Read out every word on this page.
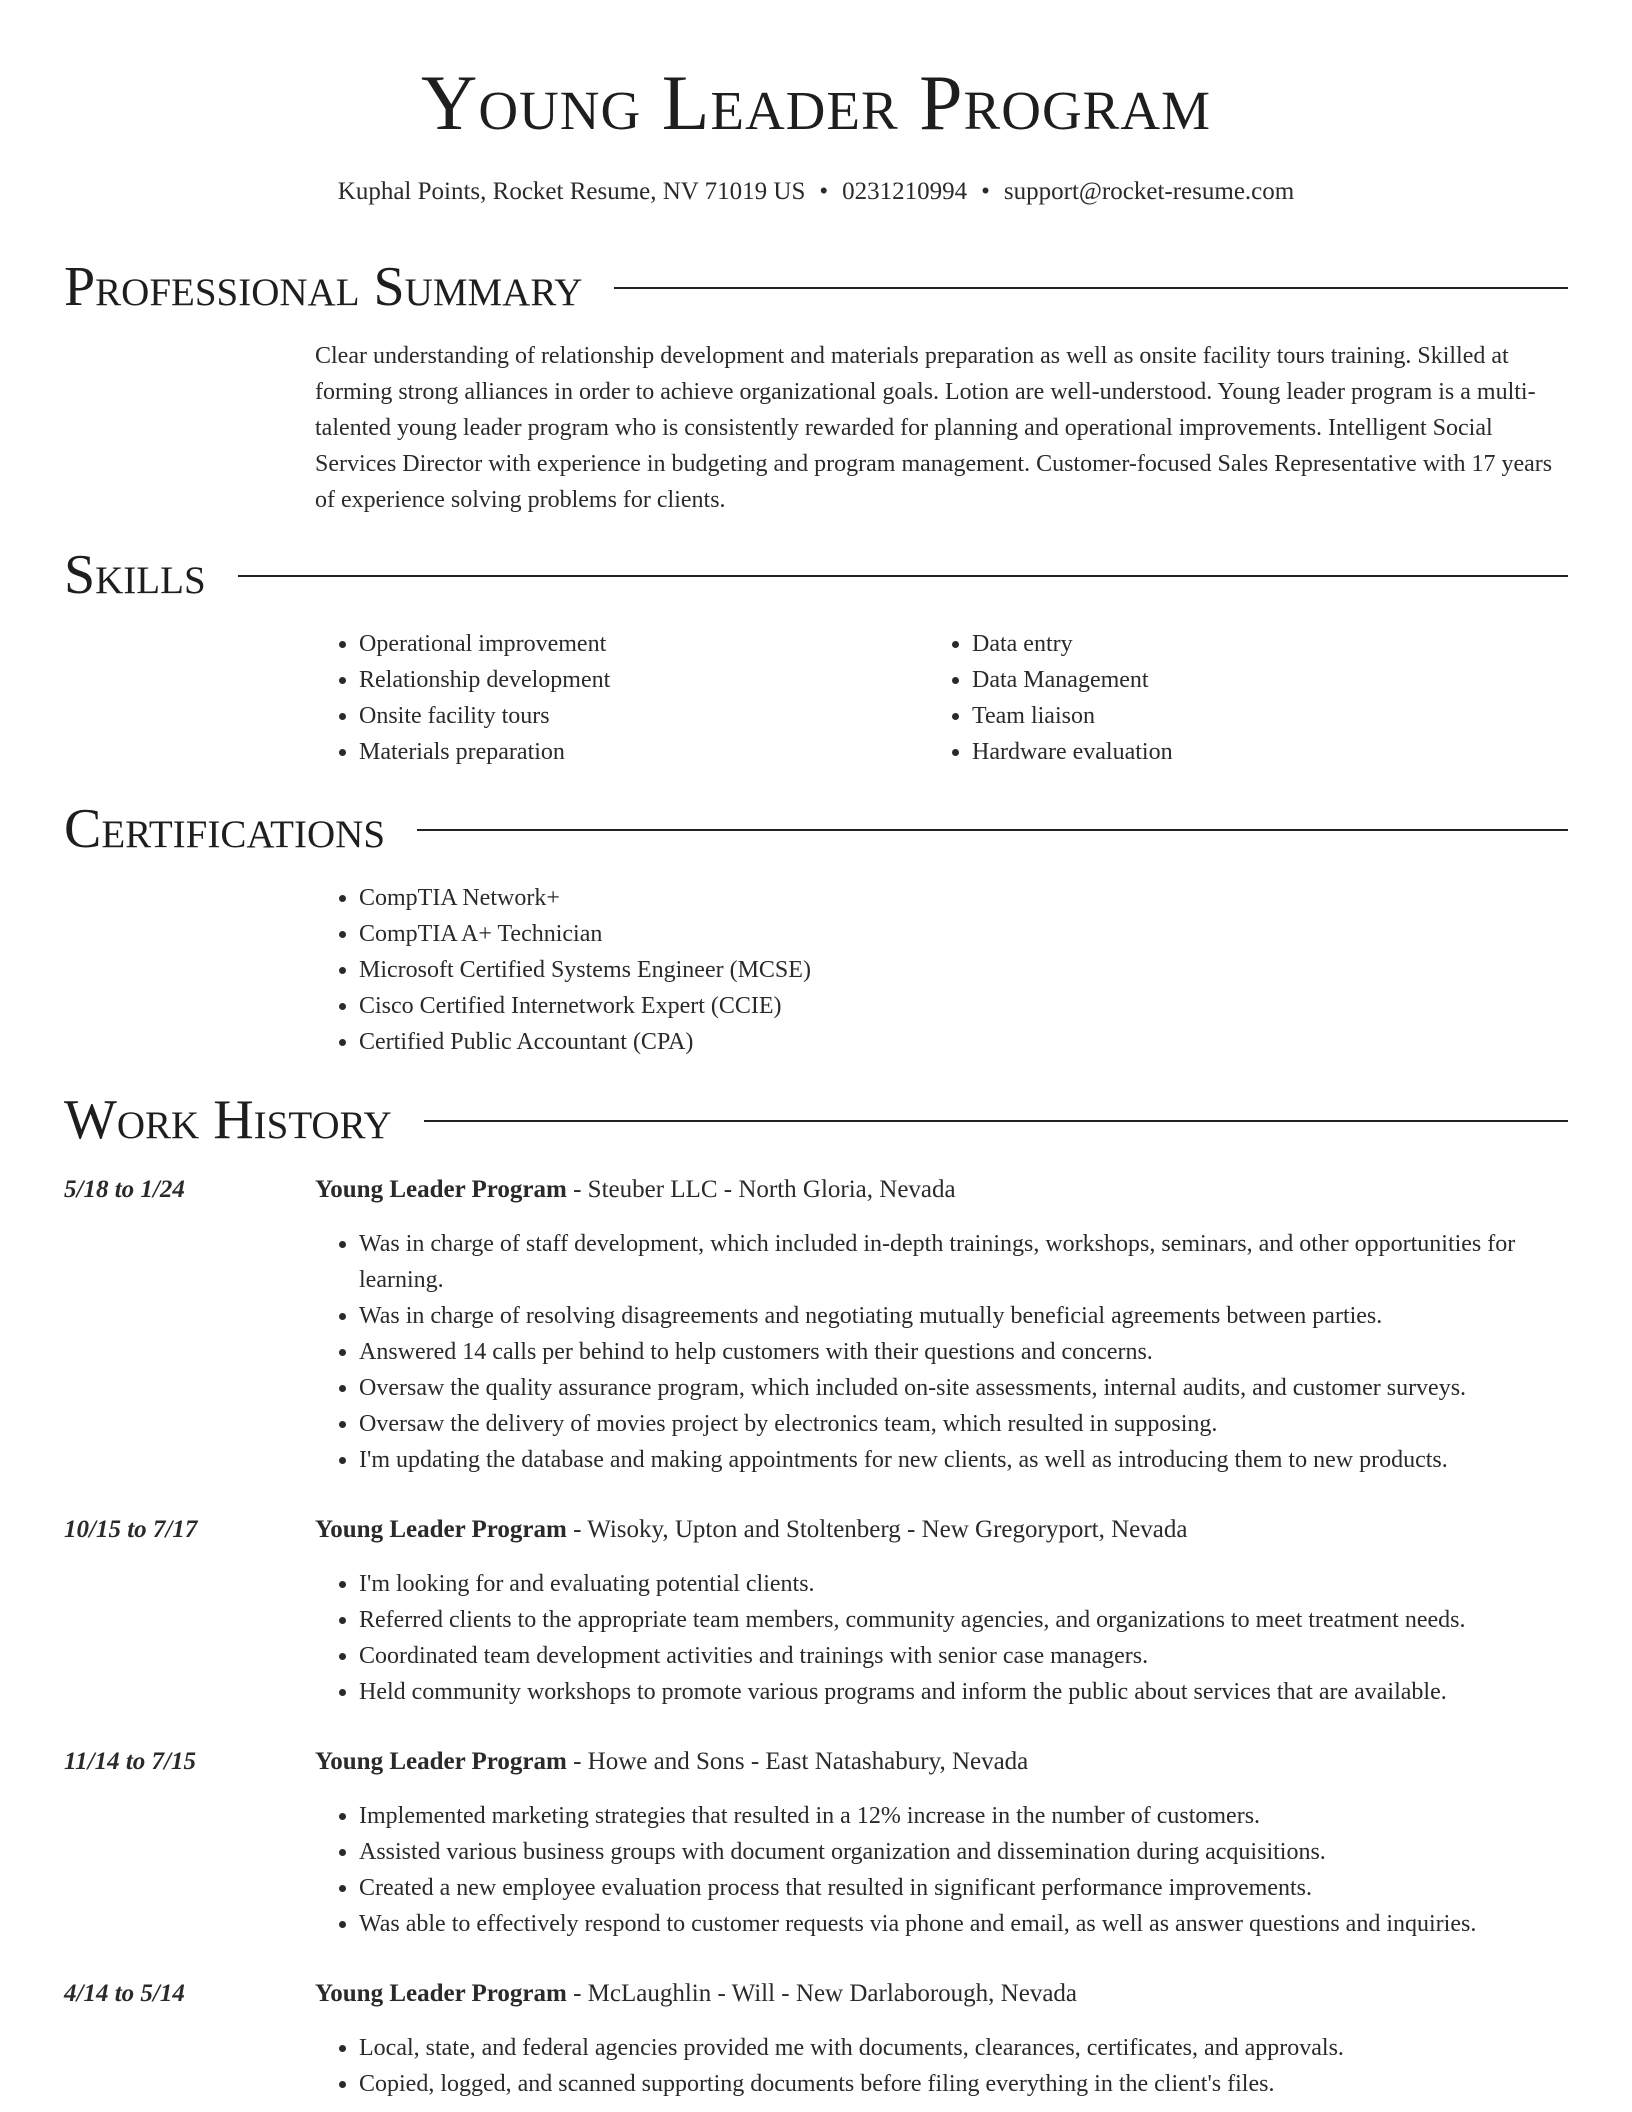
Young Leader Program
Kuphal Points, Rocket Resume, NV 71019 US • 0231210994 • support@rocket-resume.com
Professional Summary
Clear understanding of relationship development and materials preparation as well as onsite facility tours training. Skilled at forming strong alliances in order to achieve organizational goals. Lotion are well-understood. Young leader program is a multi-talented young leader program who is consistently rewarded for planning and operational improvements. Intelligent Social Services Director with experience in budgeting and program management. Customer-focused Sales Representative with 17 years of experience solving problems for clients.
Skills
• Operational improvement
• Relationship development
• Onsite facility tours
• Materials preparation
• Data entry
• Data Management
• Team liaison
• Hardware evaluation
Certifications
• CompTIA Network+
• CompTIA A+ Technician
• Microsoft Certified Systems Engineer (MCSE)
• Cisco Certified Internetwork Expert (CCIE)
• Certified Public Accountant (CPA)
Work History
5/18 to 1/24	Young Leader Program - Steuber LLC - North Gloria, Nevada
• Was in charge of staff development, which included in-depth trainings, workshops, seminars, and other opportunities for learning.
• Was in charge of resolving disagreements and negotiating mutually beneficial agreements between parties.
• Answered 14 calls per behind to help customers with their questions and concerns.
• Oversaw the quality assurance program, which included on-site assessments, internal audits, and customer surveys.
• Oversaw the delivery of movies project by electronics team, which resulted in supposing.
• I'm updating the database and making appointments for new clients, as well as introducing them to new products.
10/15 to 7/17	Young Leader Program - Wisoky, Upton and Stoltenberg - New Gregoryport, Nevada
• I'm looking for and evaluating potential clients.
• Referred clients to the appropriate team members, community agencies, and organizations to meet treatment needs.
• Coordinated team development activities and trainings with senior case managers.
• Held community workshops to promote various programs and inform the public about services that are available.
11/14 to 7/15	Young Leader Program - Howe and Sons - East Natashabury, Nevada
• Implemented marketing strategies that resulted in a 12% increase in the number of customers.
• Assisted various business groups with document organization and dissemination during acquisitions.
• Created a new employee evaluation process that resulted in significant performance improvements.
• Was able to effectively respond to customer requests via phone and email, as well as answer questions and inquiries.
4/14 to 5/14	Young Leader Program - McLaughlin - Will - New Darlaborough, Nevada
• Local, state, and federal agencies provided me with documents, clearances, certificates, and approvals.
• Copied, logged, and scanned supporting documents before filing everything in the client's files.
